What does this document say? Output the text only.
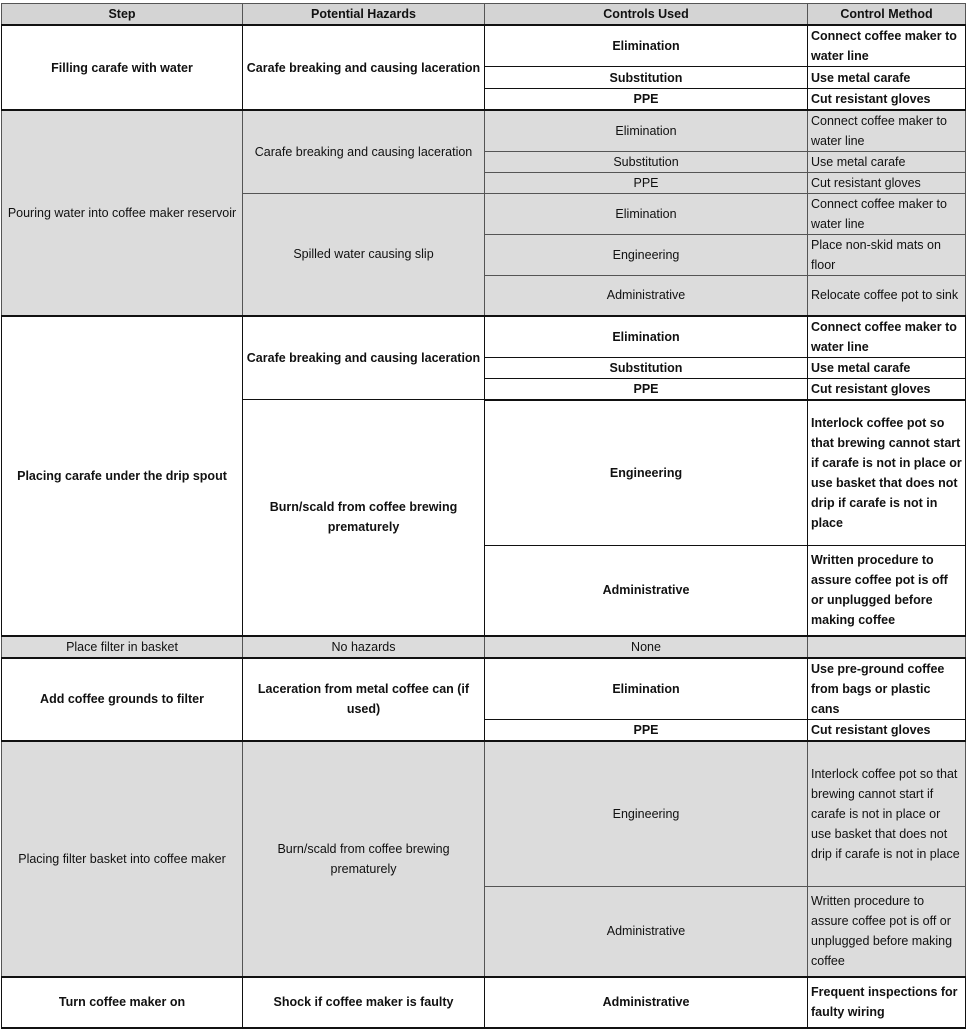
Step	Potential Hazards	Controls Used	Control Method
Filling carafe with water	Carafe breaking and causing laceration	Elimination	Connect coffee maker to water line
		Substitution	Use metal carafe
		PPE	Cut resistant gloves
Pouring water into coffee maker reservoir	Carafe breaking and causing laceration	Elimination	Connect coffee maker to water line
		Substitution	Use metal carafe
		PPE	Cut resistant gloves
	Spilled water causing slip	Elimination	Connect coffee maker to water line
		Engineering	Place non-skid mats on floor
		Administrative	Relocate coffee pot to sink
Placing carafe under the drip spout	Carafe breaking and causing laceration	Elimination	Connect coffee maker to water line
		Substitution	Use metal carafe
		PPE	Cut resistant gloves
	Burn/scald from coffee brewing prematurely	Engineering	Interlock coffee pot so that brewing cannot start if carafe is not in place or use basket that does not drip if carafe is not in place
		Administrative	Written procedure to assure coffee pot is off or unplugged before making coffee
Place filter in basket	No hazards	None	
Add coffee grounds to filter	Laceration from metal coffee can (if used)	Elimination	Use pre-ground coffee from bags or plastic cans
		PPE	Cut resistant gloves
Placing filter basket into coffee maker	Burn/scald from coffee brewing prematurely	Engineering	Interlock coffee pot so that brewing cannot start if carafe is not in place or use basket that does not drip if carafe is not in place
		Administrative	Written procedure to assure coffee pot is off or unplugged before making coffee
Turn coffee maker on	Shock if coffee maker is faulty	Administrative	Frequent inspections for faulty wiring
